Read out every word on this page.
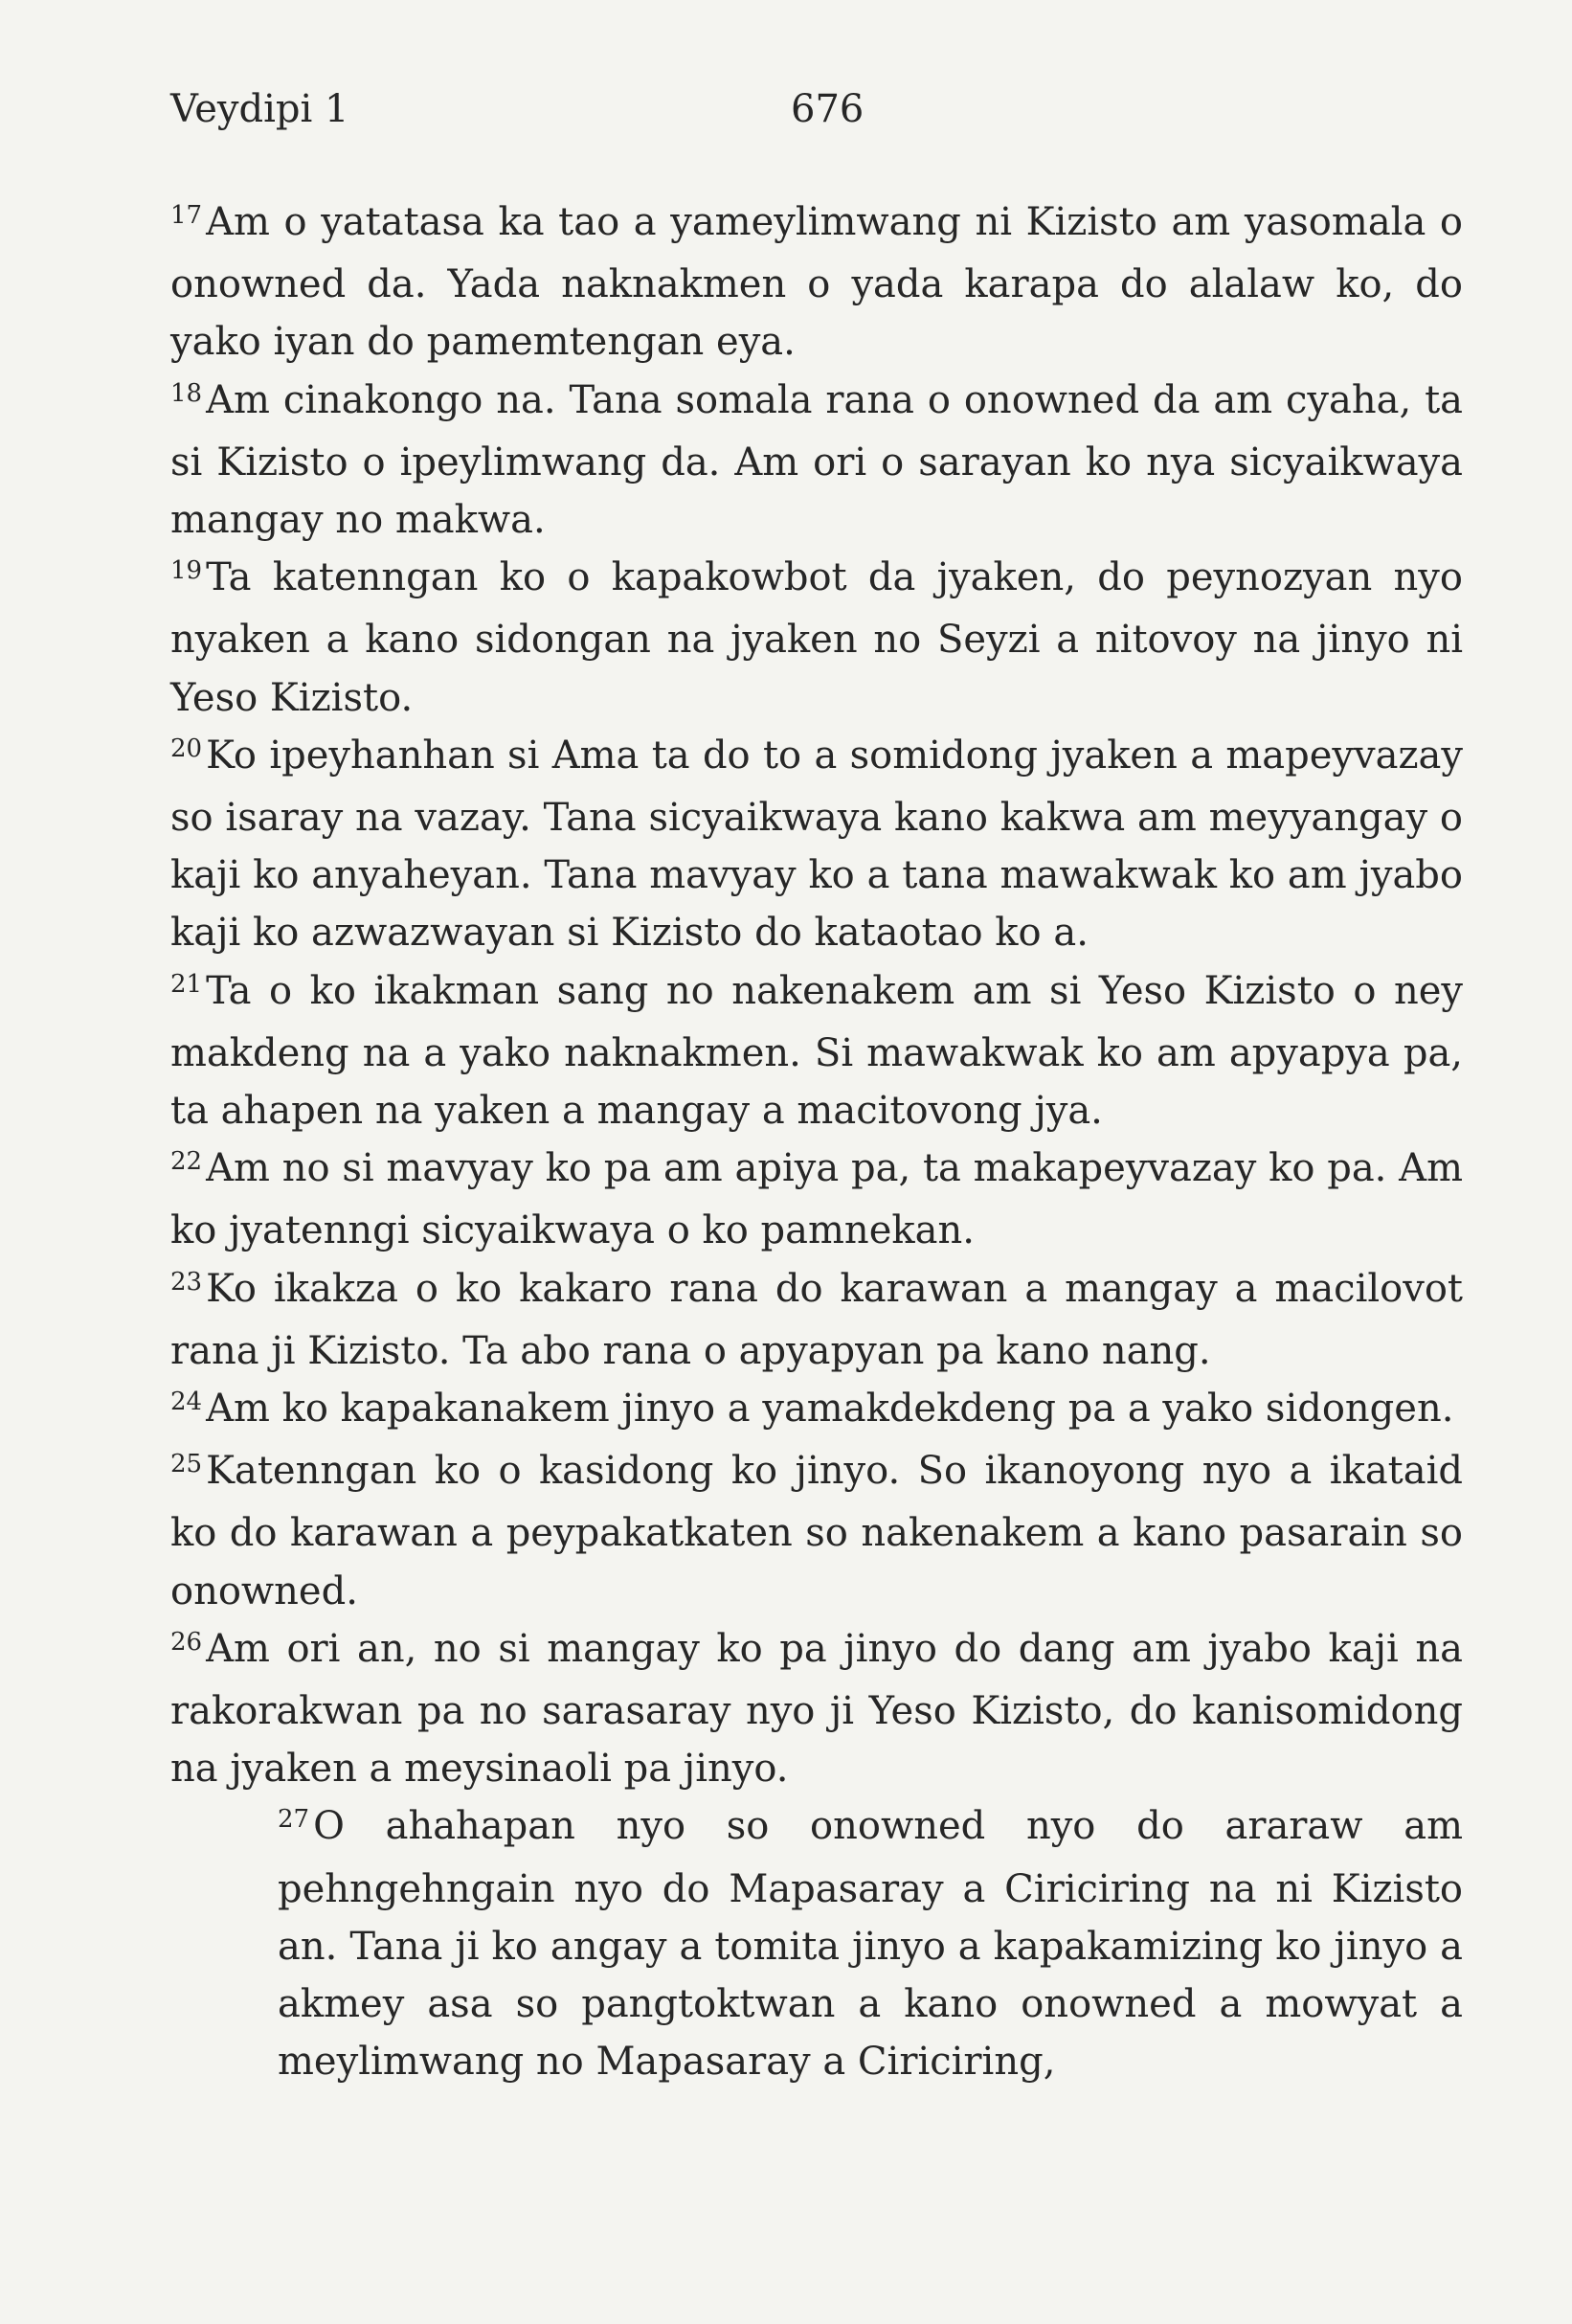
Veydipi 1	676

$^{17}$ Am o yatatasa ka tao a yameylimwang ni Kizisto am yasomala o onowned da. Yada naknakmen o yada karapa do alalaw ko, do yako iyan do pamemtengan eya.

$^{18}$ Am cinakongo na. Tana somala rana o onowned da am cyaha, ta si Kizisto o ipeylimwang da. Am ori o sarayan ko nya sicyaikwaya mangay no makwa.

$^{19}$ Ta katenngan ko o kapakowbot da jyaken, do peynozyan nyo nyaken a kano sidongan na jyaken no Seyzi a nitovoy na jinyo ni Yeso Kizisto.

$^{20}$ Ko ipeyhanhan si Ama ta do to a somidong jyaken a mapeyvazay so isaray na vazay. Tana sicyaikwaya kano kakwa am meyyangay o kaji ko anyaheyan. Tana mavyay ko a tana mawakwak ko am jyabo kaji ko azwazwayan si Kizisto do kataotao ko a.

$^{21}$ Ta o ko ikakman sang no nakenakem am si Yeso Kizisto o ney makdeng na a yako naknakmen. Si mawakwak ko am apyapya pa, ta ahapen na yaken a mangay a macitovong jya.

$^{22}$ Am no si mavyay ko pa am apiya pa, ta makapeyvazay ko pa. Am ko jyatenngi sicyaikwaya o ko pamnekan.

$^{23}$ Ko ikakza o ko kakaro rana do karawan a mangay a macilovot rana ji Kizisto. Ta abo rana o apyapyan pa kano nang.

$^{24}$ Am ko kapakanakem jinyo a yamakdekdeng pa a yako sidongen.

$^{25}$ Katenngan ko o kasidong ko jinyo. So ikanoyong nyo a ikataid ko do karawan a peypakatkaten so nakenakem a kano pasarain so onowned.

$^{26}$ Am ori an, no si mangay ko pa jinyo do dang am jyabo kaji na rakorakwan pa no sarasaray nyo ji Yeso Kizisto, do kanisomidong na jyaken a meysinaoli pa jinyo.

$^{27}$ O ahahapan nyo so onowned nyo do araraw am pehngehngain nyo do Mapasaray a Ciriciring na ni Kizisto an. Tana ji ko angay a tomita jinyo a kapakamizing ko jinyo a akmey asa so pangtoktwan a kano onowned a mowyat a meylimwang no Mapasaray a Ciriciring,
